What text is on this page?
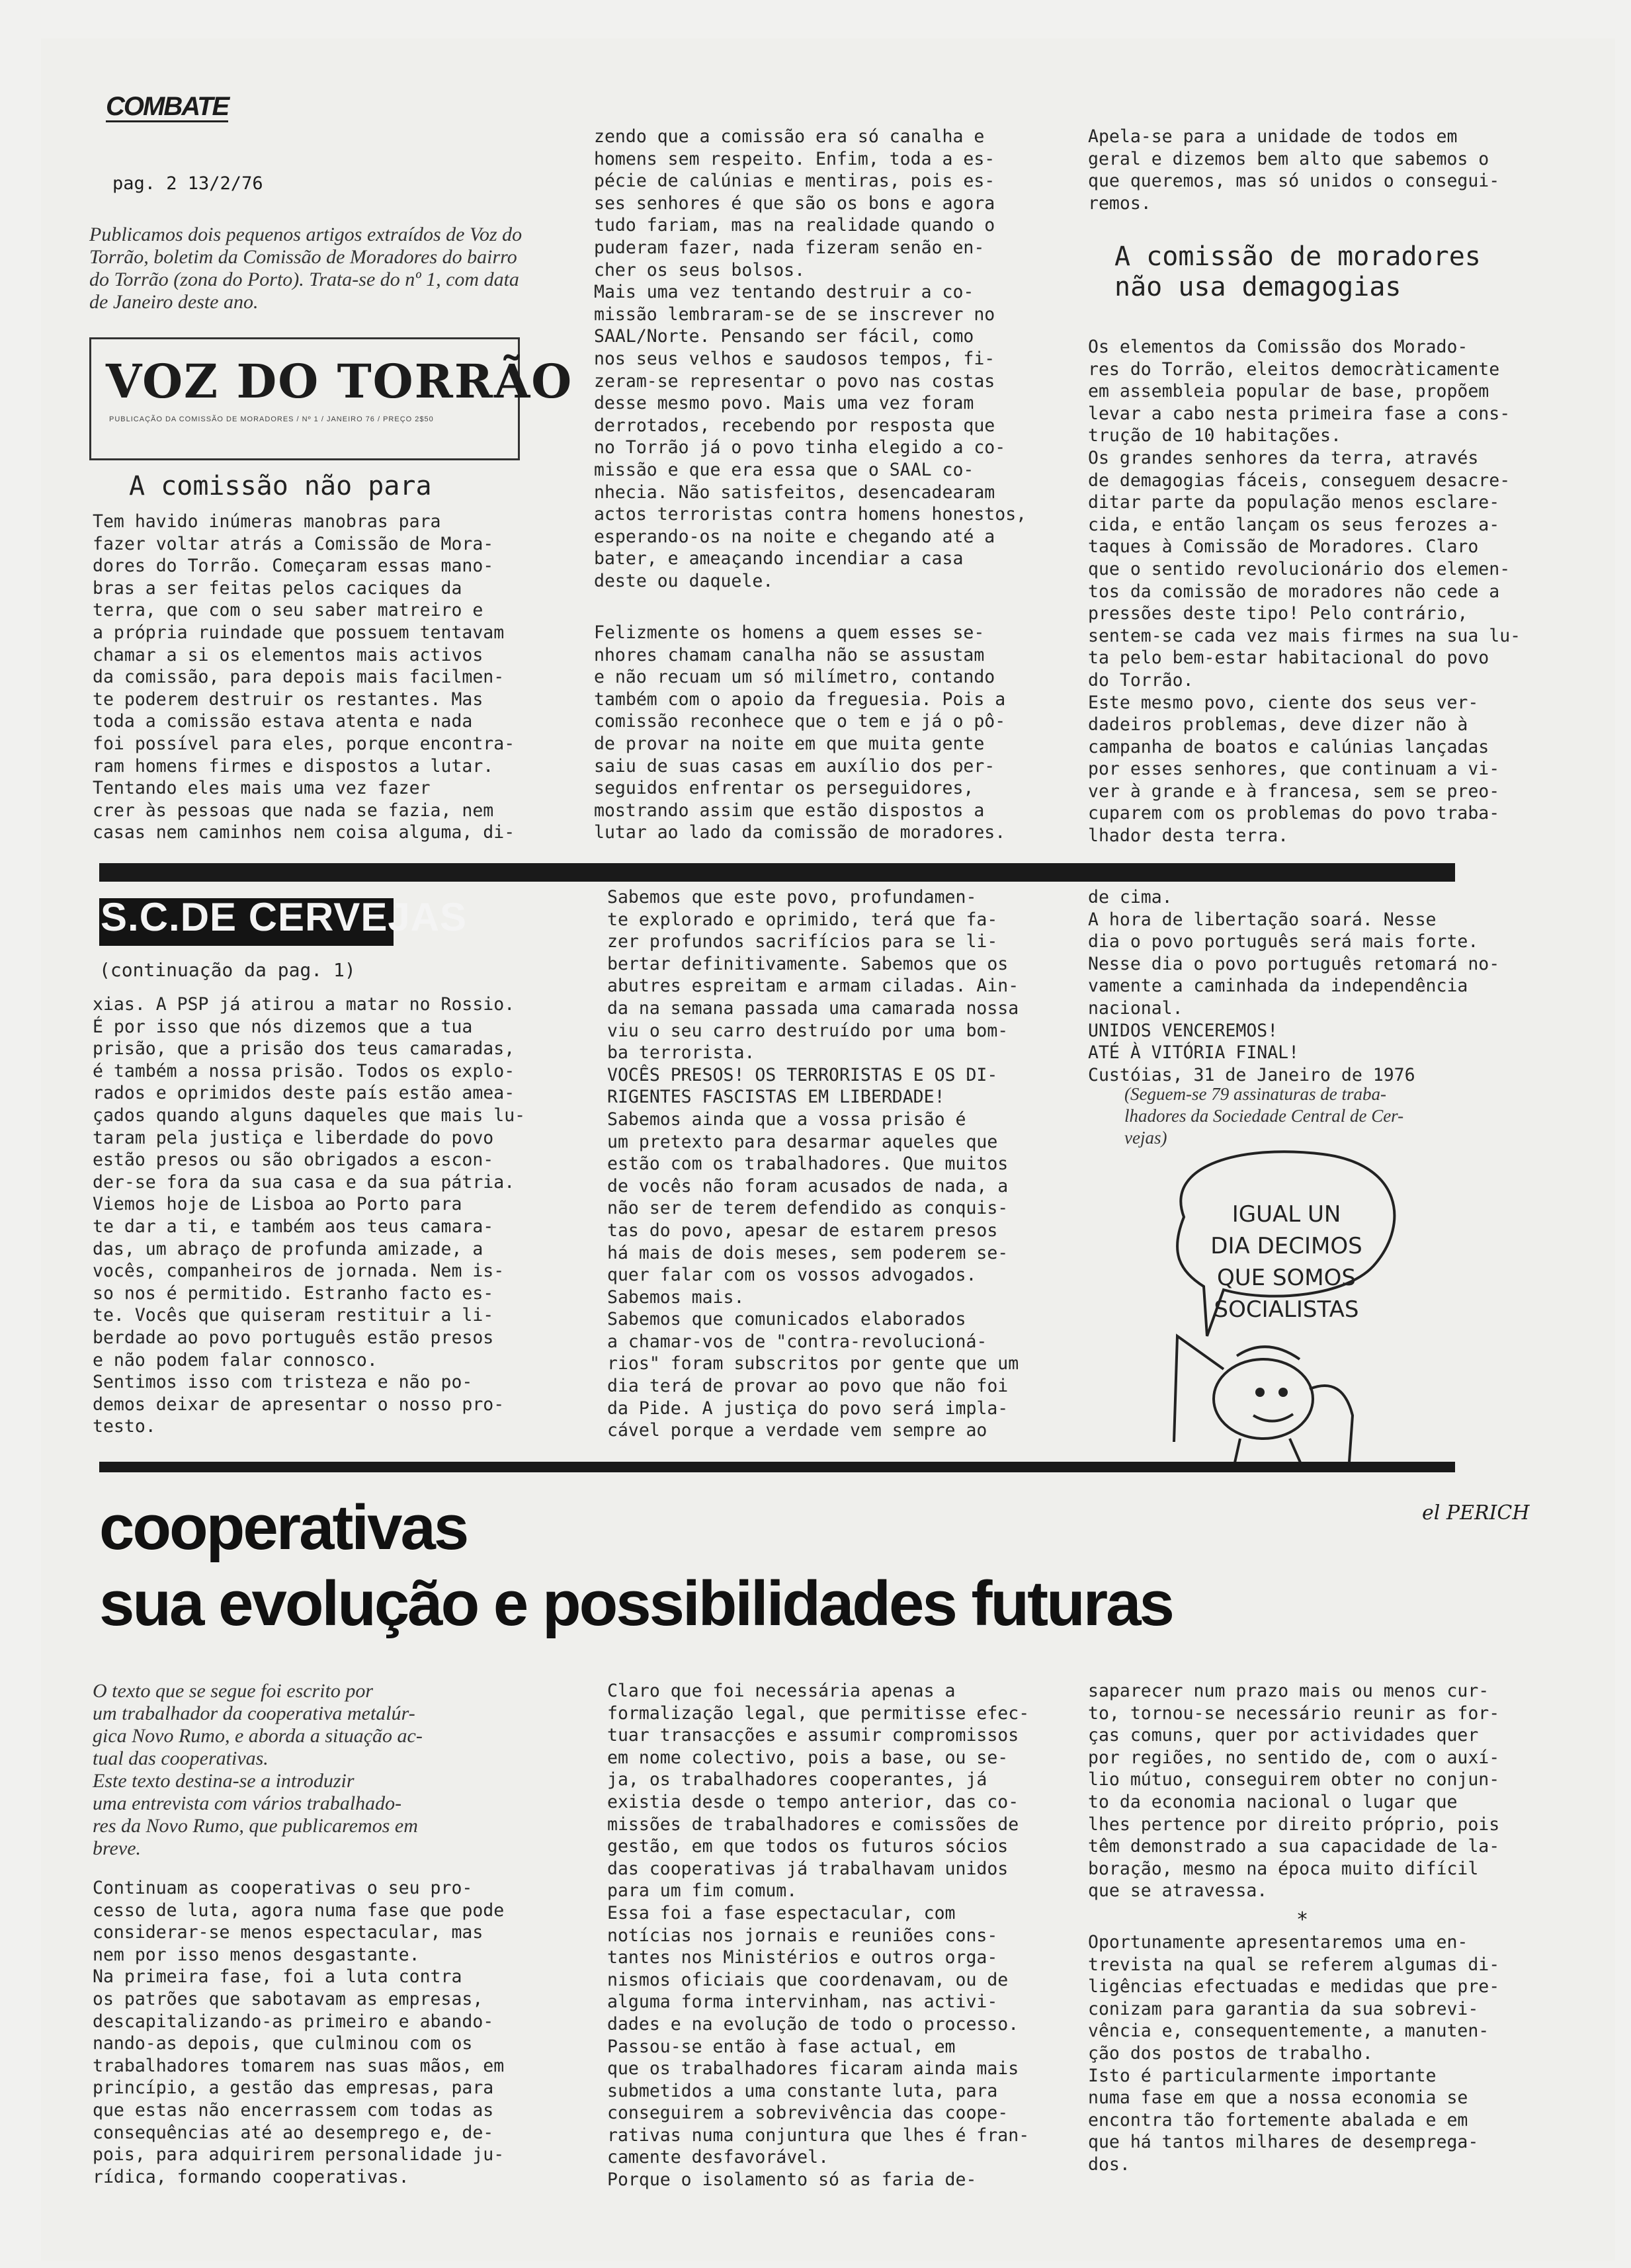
COMBATE
pag. 2 13/2/76
Publicamos dois pequenos artigos extraídos de Voz do Torrão, boletim da Comissão de Moradores do bairro do Torrão (zona do Porto). Trata-se do nº 1, com data de Janeiro deste ano.
VOZ DO TORRÃO
PUBLICAÇÃO DA COMISSÃO DE MORADORES / Nº 1 / JANEIRO 76 / PREÇO 2$50
A comissão não para
Tem havido inúmeras manobras para
fazer voltar atrás a Comissão de Mora-
dores do Torrão. Começaram essas mano-
bras a ser feitas pelos caciques da
terra, que com o seu saber matreiro e
a própria ruindade que possuem tentavam
chamar a si os elementos mais activos
da comissão, para depois mais facilmen-
te poderem destruir os restantes. Mas
toda a comissão estava atenta e nada
foi possível para eles, porque encontra-
ram homens firmes e dispostos a lutar.
Tentando eles mais uma vez fazer
crer às pessoas que nada se fazia, nem
casas nem caminhos nem coisa alguma, di-
zendo que a comissão era só canalha e
homens sem respeito. Enfim, toda a es-
pécie de calúnias e mentiras, pois es-
ses senhores é que são os bons e agora
tudo fariam, mas na realidade quando o
puderam fazer, nada fizeram senão en-
cher os seus bolsos.
Mais uma vez tentando destruir a co-
missão lembraram-se de se inscrever no
SAAL/Norte. Pensando ser fácil, como
nos seus velhos e saudosos tempos, fi-
zeram-se representar o povo nas costas
desse mesmo povo. Mais uma vez foram
derrotados, recebendo por resposta que
no Torrão já o povo tinha elegido a co-
missão e que era essa que o SAAL co-
nhecia. Não satisfeitos, desencadearam
actos terroristas contra homens honestos,
esperando-os na noite e chegando até a
bater, e ameaçando incendiar a casa
deste ou daquele.
Felizmente os homens a quem esses se-
nhores chamam canalha não se assustam
e não recuam um só milímetro, contando
também com o apoio da freguesia. Pois a
comissão reconhece que o tem e já o pô-
de provar na noite em que muita gente
saiu de suas casas em auxílio dos per-
seguidos enfrentar os perseguidores,
mostrando assim que estão dispostos a
lutar ao lado da comissão de moradores.
Apela-se para a unidade de todos em
geral e dizemos bem alto que sabemos o
que queremos, mas só unidos o consegui-
remos.
A comissão de moradores não usa demagogias
Os elementos da Comissão dos Morado-
res do Torrão, eleitos democràticamente
em assembleia popular de base, propõem
levar a cabo nesta primeira fase a cons-
trução de 10 habitações.
Os grandes senhores da terra, através
de demagogias fáceis, conseguem desacre-
ditar parte da população menos esclare-
cida, e então lançam os seus ferozes a-
taques à Comissão de Moradores. Claro
que o sentido revolucionário dos elemen-
tos da comissão de moradores não cede a
pressões deste tipo! Pelo contrário,
sentem-se cada vez mais firmes na sua lu-
ta pelo bem-estar habitacional do povo
do Torrão.
Este mesmo povo, ciente dos seus ver-
dadeiros problemas, deve dizer não à
campanha de boatos e calúnias lançadas
por esses senhores, que continuam a vi-
ver à grande e à francesa, sem se preo-
cuparem com os problemas do povo traba-
lhador desta terra.
S.C.DE CERVEJAS
(continuação da pag. 1)
xias. A PSP já atirou a matar no Rossio.
É por isso que nós dizemos que a tua
prisão, que a prisão dos teus camaradas,
é também a nossa prisão. Todos os explo-
rados e oprimidos deste país estão amea-
çados quando alguns daqueles que mais lu-
taram pela justiça e liberdade do povo
estão presos ou são obrigados a escon-
der-se fora da sua casa e da sua pátria.
Viemos hoje de Lisboa ao Porto para
te dar a ti, e também aos teus camara-
das, um abraço de profunda amizade, a
vocês, companheiros de jornada. Nem is-
so nos é permitido. Estranho facto es-
te. Vocês que quiseram restituir a li-
berdade ao povo português estão presos
e não podem falar connosco.
Sentimos isso com tristeza e não po-
demos deixar de apresentar o nosso pro-
testo.
Sabemos que este povo, profundamen-
te explorado e oprimido, terá que fa-
zer profundos sacrifícios para se li-
bertar definitivamente. Sabemos que os
abutres espreitam e armam ciladas. Ain-
da na semana passada uma camarada nossa
viu o seu carro destruído por uma bom-
ba terrorista.
VOCÊS PRESOS! OS TERRORISTAS E OS DI-
RIGENTES FASCISTAS EM LIBERDADE!
Sabemos ainda que a vossa prisão é
um pretexto para desarmar aqueles que
estão com os trabalhadores. Que muitos
de vocês não foram acusados de nada, a
não ser de terem defendido as conquis-
tas do povo, apesar de estarem presos
há mais de dois meses, sem poderem se-
quer falar com os vossos advogados.
Sabemos mais.
Sabemos que comunicados elaborados
a chamar-vos de "contra-revolucioná-
rios" foram subscritos por gente que um
dia terá de provar ao povo que não foi
da Pide. A justiça do povo será impla-
cável porque a verdade vem sempre ao
de cima.
A hora de libertação soará. Nesse
dia o povo português será mais forte.
Nesse dia o povo português retomará no-
vamente a caminhada da independência
nacional.
UNIDOS VENCEREMOS!
ATÉ À VITÓRIA FINAL!
Custóias, 31 de Janeiro de 1976
(Seguem-se 79 assinaturas de traba-
lhadores da Sociedade Central de Cer-
vejas)
IGUAL UN DIA DECIMOS QUE SOMOS SOCIALISTAS
el PERICH
cooperativas
sua evolução e possibilidades futuras
O texto que se segue foi escrito por
um trabalhador da cooperativa metalúr-
gica Novo Rumo, e aborda a situação ac-
tual das cooperativas.
Este texto destina-se a introduzir
uma entrevista com vários trabalhado-
res da Novo Rumo, que publicaremos em
breve.
Continuam as cooperativas o seu pro-
cesso de luta, agora numa fase que pode
considerar-se menos espectacular, mas
nem por isso menos desgastante.
Na primeira fase, foi a luta contra
os patrões que sabotavam as empresas,
descapitalizando-as primeiro e abando-
nando-as depois, que culminou com os
trabalhadores tomarem nas suas mãos, em
princípio, a gestão das empresas, para
que estas não encerrassem com todas as
consequências até ao desemprego e, de-
pois, para adquirirem personalidade ju-
rídica, formando cooperativas.
Claro que foi necessária apenas a
formalização legal, que permitisse efec-
tuar transacções e assumir compromissos
em nome colectivo, pois a base, ou se-
ja, os trabalhadores cooperantes, já
existia desde o tempo anterior, das co-
missões de trabalhadores e comissões de
gestão, em que todos os futuros sócios
das cooperativas já trabalhavam unidos
para um fim comum.
Essa foi a fase espectacular, com
notícias nos jornais e reuniões cons-
tantes nos Ministérios e outros orga-
nismos oficiais que coordenavam, ou de
alguma forma intervinham, nas activi-
dades e na evolução de todo o processo.
Passou-se então à fase actual, em
que os trabalhadores ficaram ainda mais
submetidos a uma constante luta, para
conseguirem a sobrevivência das coope-
rativas numa conjuntura que lhes é fran-
camente desfavorável.
Porque o isolamento só as faria de-
saparecer num prazo mais ou menos cur-
to, tornou-se necessário reunir as for-
ças comuns, quer por actividades quer
por regiões, no sentido de, com o auxí-
lio mútuo, conseguirem obter no conjun-
to da economia nacional o lugar que
lhes pertence por direito próprio, pois
têm demonstrado a sua capacidade de la-
boração, mesmo na época muito difícil
que se atravessa.
*
Oportunamente apresentaremos uma en-
trevista na qual se referem algumas di-
ligências efectuadas e medidas que pre-
conizam para garantia da sua sobrevi-
vência e, consequentemente, a manuten-
ção dos postos de trabalho.
Isto é particularmente importante
numa fase em que a nossa economia se
encontra tão fortemente abalada e em
que há tantos milhares de desemprega-
dos.
